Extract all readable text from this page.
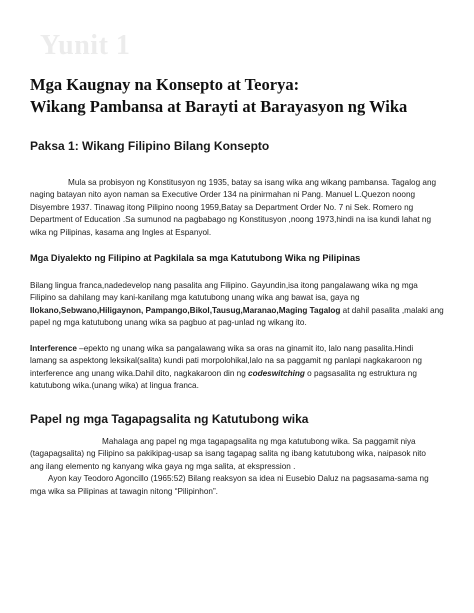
Yunit 1
Mga Kaugnay na Konsepto at Teorya:
Wikang Pambansa at Barayti at Barayasyon ng Wika
Paksa 1: Wikang Filipino Bilang Konsepto
Mula sa probisyon ng Konstitusyon ng 1935, batay sa isang wika ang wikang pambansa. Tagalog ang
naging batayan nito ayon naman sa Executive Order 134 na pinirmahan ni Pang. Manuel L.Quezon noong
Disyembre 1937. Tinawag itong Pilipino noong 1959,Batay sa Department Order No. 7 ni Sek. Romero ng
Department of Education .Sa sumunod na pagbabago ng Konstitusyon ,noong 1973,hindi na isa kundi lahat ng
wika ng Pilipinas, kasama ang Ingles at Espanyol.
Mga Diyalekto ng Filipino at Pagkilala sa mga Katutubong Wika ng Pilipinas
Bilang lingua franca,nadedevelop nang pasalita ang Filipino. Gayundin,isa itong pangalawang wika ng mga
Filipino sa dahilang may kani-kanilang mga katutubong unang wika ang bawat isa, gaya ng
Ilokano,Sebwano,Hiligaynon, Pampango,Bikol,Tausug,Maranao,Maging Tagalog at dahil pasalita ,malaki ang
papel ng mga katutubong unang wika sa pagbuo at pag-unlad ng wikang ito.
Interference –epekto ng unang wika sa pangalawang wika sa oras na ginamit ito, lalo nang pasalita.Hindi
lamang sa aspektong leksikal(salita) kundi pati morpolohikal,lalo na sa paggamit ng panlapi nagkakaroon ng
interference ang unang wika.Dahil dito, nagkakaroon din ng codeswitching o pagsasalita ng estruktura ng
katutubong wika.(unang wika) at lingua franca.
Papel ng mga Tagapagsalita ng Katutubong wika
Mahalaga ang papel ng mga tagapagsalita ng mga katutubong wika. Sa paggamit niya
(tagapagsalita) ng Filipino sa pakikipag-usap sa isang tagapag salita ng ibang katutubong wika, naipasok nito
ang ilang elemento ng kanyang wika gaya ng mga salita, at ekspression .
Ayon kay Teodoro Agoncillo (1965:52) Bilang reaksyon sa idea ni Eusebio Daluz na pagsasama-sama ng
mga wika sa Pilipinas at tawagin nitong “Pilipinhon”.
